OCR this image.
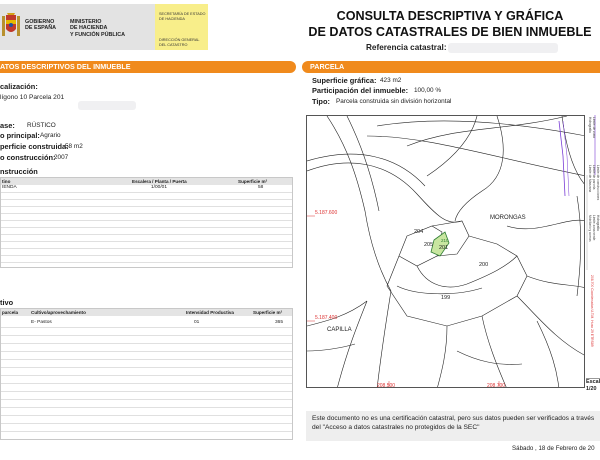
GOBIERNO
DE ESPAÑA
MINISTERIO
DE HACIENDA
Y FUNCIÓN PÚBLICA
SECRETARÍA DE ESTADO
DE HACIENDA
DIRECCIÓN GENERAL
DEL CATASTRO
CONSULTA DESCRIPTIVA Y GRÁFICA
DE DATOS CATASTRALES DE BIEN INMUEBLE
Referencia catastral:
ATOS DESCRIPTIVOS DEL INMUEBLE	PARCELA
calización:
lígono 10 Parcela 201
ase: RÚSTICO
o principal: Agrario
perficie construida:
58 m2
o construcción:
2007
nstrucción
tino	Escalera / Planta / Puerta	Superficie m²
IENDA	1/00/01	58
tivo
parcela	Cultivo/aprovechamiento	Intensidad Productiva	Superficie m²
E- Pastos	01	365
Superficie gráfica: 423 m2
Participación del inmueble: 100,00 %
Tipo: Parcela construida sin división horizontal
MORONGAS
CAPILLA
204
205
210
201
200
199
5.187.600
5.187.400
208.500	208.700
Hidrografía Límite de zona
Límite de Manzana Límite de parcela Límite de construcciones
Mobiliario y aceras Límite zona verde Hidrografía
208.700 Coordenadas U.T.M. Huso 29 ETRS89
Escal
1/20
Este documento no es una certificación catastral, pero sus datos pueden ser verificados a través del "Acceso a datos catastrales no protegidos de la SEC"
Sábado , 18 de Febrero de 20
